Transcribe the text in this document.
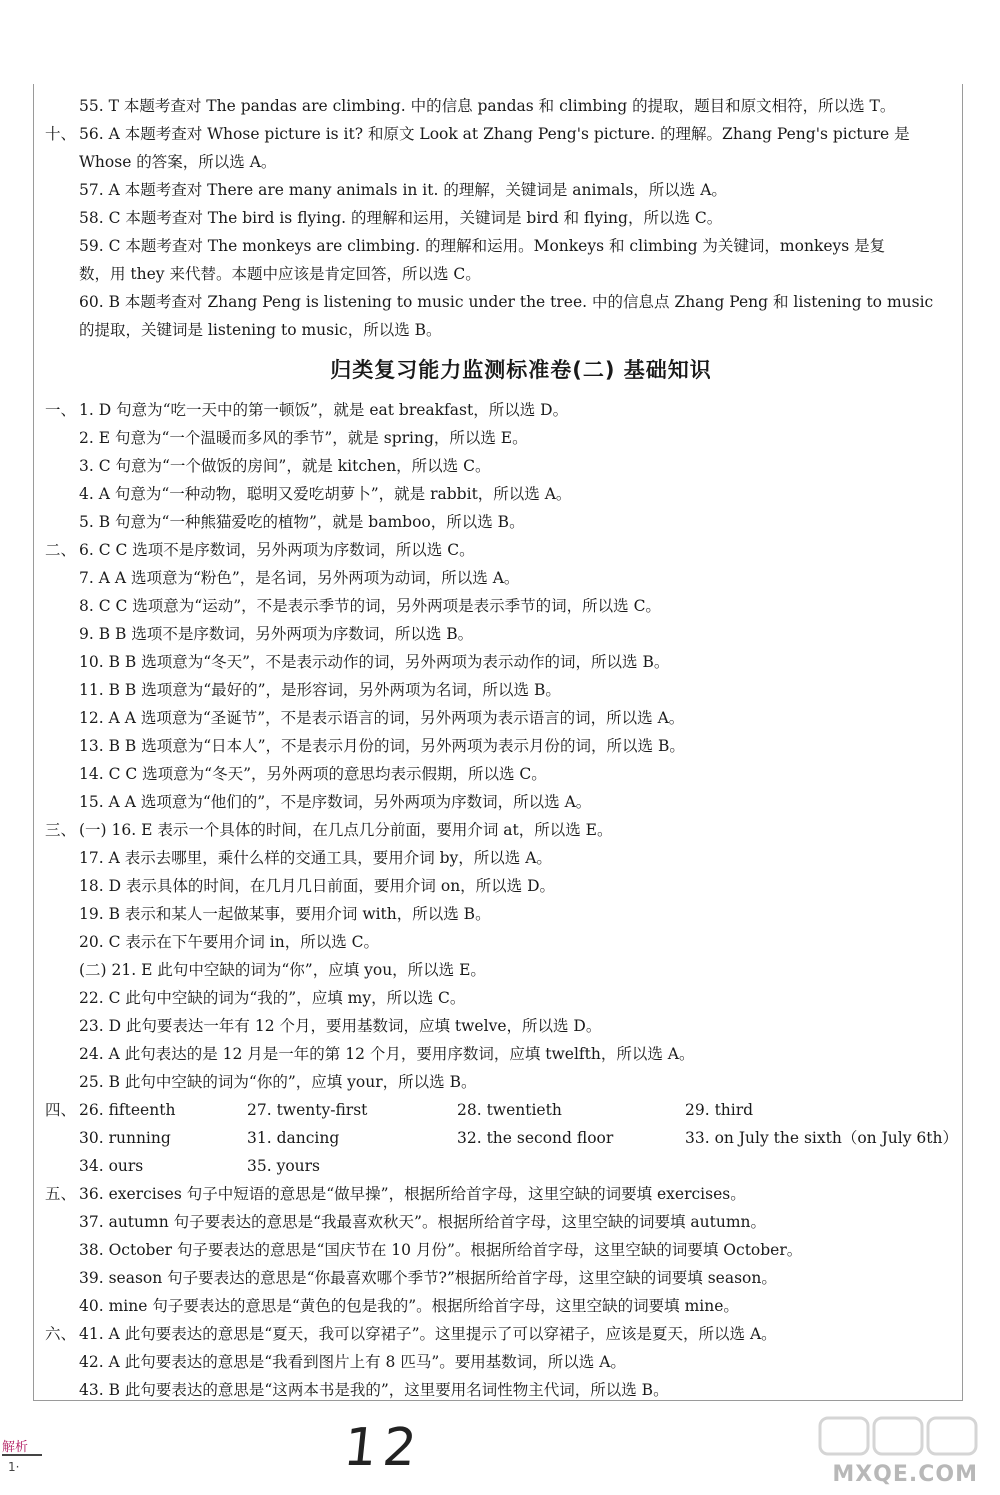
55. T 本题考查对 The pandas are climbing. 中的信息 pandas 和 climbing 的提取，题目和原文相符，所以选 T。
十、 56. A 本题考查对 Whose picture is it? 和原文 Look at Zhang Peng's picture. 的理解。Zhang Peng's picture 是
Whose 的答案，所以选 A。
57. A 本题考查对 There are many animals in it. 的理解，关键词是 animals，所以选 A。
58. C 本题考查对 The bird is flying. 的理解和运用，关键词是 bird 和 flying，所以选 C。
59. C 本题考查对 The monkeys are climbing. 的理解和运用。Monkeys 和 climbing 为关键词，monkeys 是复
数，用 they 来代替。本题中应该是肯定回答，所以选 C。
60. B 本题考查对 Zhang Peng is listening to music under the tree. 中的信息点 Zhang Peng 和 listening to music
的提取，关键词是 listening to music，所以选 B。
归类复习能力监测标准卷(二) 基础知识
一、 1. D 句意为“吃一天中的第一顿饭”，就是 eat breakfast，所以选 D。
2. E 句意为“一个温暖而多风的季节”，就是 spring，所以选 E。
3. C 句意为“一个做饭的房间”，就是 kitchen，所以选 C。
4. A 句意为“一种动物，聪明又爱吃胡萝卜”，就是 rabbit，所以选 A。
5. B 句意为“一种熊猫爱吃的植物”，就是 bamboo，所以选 B。
二、 6. C C 选项不是序数词，另外两项为序数词，所以选 C。
7. A A 选项意为“粉色”，是名词，另外两项为动词，所以选 A。
8. C C 选项意为“运动”，不是表示季节的词，另外两项是表示季节的词，所以选 C。
9. B B 选项不是序数词，另外两项为序数词，所以选 B。
10. B B 选项意为“冬天”，不是表示动作的词，另外两项为表示动作的词，所以选 B。
11. B B 选项意为“最好的”，是形容词，另外两项为名词，所以选 B。
12. A A 选项意为“圣诞节”，不是表示语言的词，另外两项为表示语言的词，所以选 A。
13. B B 选项意为“日本人”，不是表示月份的词，另外两项为表示月份的词，所以选 B。
14. C C 选项意为“冬天”，另外两项的意思均表示假期，所以选 C。
15. A A 选项意为“他们的”，不是序数词，另外两项为序数词，所以选 A。
三、 (一) 16. E 表示一个具体的时间，在几点几分前面，要用介词 at，所以选 E。
17. A 表示去哪里，乘什么样的交通工具，要用介词 by，所以选 A。
18. D 表示具体的时间，在几月几日前面，要用介词 on，所以选 D。
19. B 表示和某人一起做某事，要用介词 with，所以选 B。
20. C 表示在下午要用介词 in，所以选 C。
(二) 21. E 此句中空缺的词为“你”，应填 you，所以选 E。
22. C 此句中空缺的词为“我的”，应填 my，所以选 C。
23. D 此句要表达一年有 12 个月，要用基数词，应填 twelve，所以选 D。
24. A 此句表达的是 12 月是一年的第 12 个月，要用序数词，应填 twelfth，所以选 A。
25. B 此句中空缺的词为“你的”，应填 your，所以选 B。
四、 26. fifteenth	27. twenty-first	28. twentieth	29. third
30. running	31. dancing	32. the second floor	33. on July the sixth（on July 6th）
34. ours	35. yours
五、 36. exercises 句子中短语的意思是“做早操”，根据所给首字母，这里空缺的词要填 exercises。
37. autumn 句子要表达的意思是“我最喜欢秋天”。根据所给首字母，这里空缺的词要填 autumn。
38. October 句子要表达的意思是“国庆节在 10 月份”。根据所给首字母，这里空缺的词要填 October。
39. season 句子要表达的意思是“你最喜欢哪个季节?”根据所给首字母，这里空缺的词要填 season。
40. mine 句子要表达的意思是“黄色的包是我的”。根据所给首字母，这里空缺的词要填 mine。
六、 41. A 此句要表达的意思是“夏天，我可以穿裙子”。这里提示了可以穿裙子，应该是夏天，所以选 A。
42. A 此句要表达的意思是“我看到图片上有 8 匹马”。要用基数词，所以选 A。
43. B 此句要表达的意思是“这两本书是我的”，这里要用名词性物主代词，所以选 B。
解析
1·	12	MXQE.COM
